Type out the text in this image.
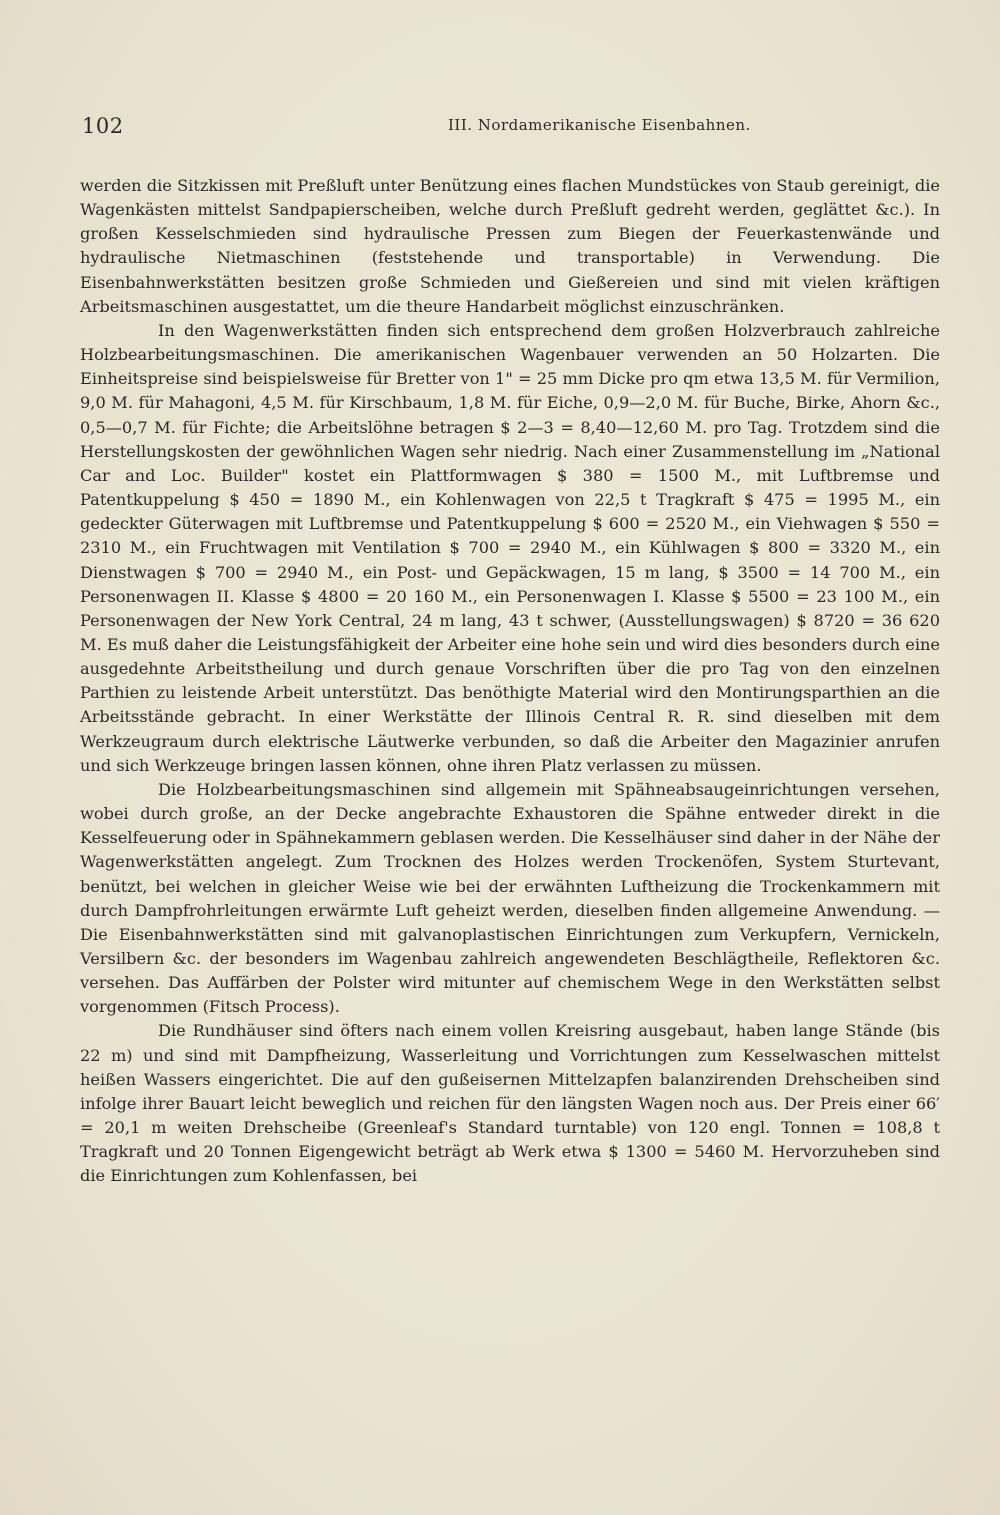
102	III. Nordamerikanische Eisenbahnen.

werden die Sitzkissen mit Preßluft unter Benützung eines flachen Mundstückes von Staub gereinigt, die Wagenkästen mittelst Sandpapierscheiben, welche durch Preßluft gedreht werden, geglättet &c.). In großen Kesselschmieden sind hydraulische Pressen zum Biegen der Feuerkastenwände und hydraulische Nietmaschinen (feststehende und transportable) in Verwendung. Die Eisenbahnwerkstätten besitzen große Schmieden und Gießereien und sind mit vielen kräftigen Arbeitsmaschinen ausgestattet, um die theure Handarbeit möglichst einzuschränken.

In den Wagenwerkstätten finden sich entsprechend dem großen Holzverbrauch zahlreiche Holzbearbeitungsmaschinen. Die amerikanischen Wagenbauer verwenden an 50 Holzarten. Die Einheitspreise sind beispielsweise für Bretter von 1" = 25 mm Dicke pro qm etwa 13,5 M. für Vermilion, 9,0 M. für Mahagoni, 4,5 M. für Kirschbaum, 1,8 M. für Eiche, 0,9—2,0 M. für Buche, Birke, Ahorn &c., 0,5—0,7 M. für Fichte; die Arbeitslöhne betragen $ 2—3 = 8,40—12,60 M. pro Tag. Trotzdem sind die Herstellungskosten der gewöhnlichen Wagen sehr niedrig. Nach einer Zusammenstellung im „National Car and Loc. Builder" kostet ein Plattformwagen $ 380 = 1500 M., mit Luftbremse und Patentkuppelung $ 450 = 1890 M., ein Kohlenwagen von 22,5 t Tragkraft $ 475 = 1995 M., ein gedeckter Güterwagen mit Luftbremse und Patentkuppelung $ 600 = 2520 M., ein Viehwagen $ 550 = 2310 M., ein Fruchtwagen mit Ventilation $ 700 = 2940 M., ein Kühlwagen $ 800 = 3320 M., ein Dienstwagen $ 700 = 2940 M., ein Post- und Gepäckwagen, 15 m lang, $ 3500 = 14 700 M., ein Personenwagen II. Klasse $ 4800 = 20 160 M., ein Personenwagen I. Klasse $ 5500 = 23 100 M., ein Personenwagen der New York Central, 24 m lang, 43 t schwer, (Ausstellungswagen) $ 8720 = 36 620 M. Es muß daher die Leistungsfähigkeit der Arbeiter eine hohe sein und wird dies besonders durch eine ausgedehnte Arbeitstheilung und durch genaue Vorschriften über die pro Tag von den einzelnen Parthien zu leistende Arbeit unterstützt. Das benöthigte Material wird den Montirungsparthien an die Arbeitsstände gebracht. In einer Werkstätte der Illinois Central R. R. sind dieselben mit dem Werkzeugraum durch elektrische Läutwerke verbunden, so daß die Arbeiter den Magazinier anrufen und sich Werkzeuge bringen lassen können, ohne ihren Platz verlassen zu müssen.

Die Holzbearbeitungsmaschinen sind allgemein mit Spähneabsaugeinrichtungen versehen, wobei durch große, an der Decke angebrachte Exhaustoren die Spähne entweder direkt in die Kesselfeuerung oder in Spähnekammern geblasen werden. Die Kesselhäuser sind daher in der Nähe der Wagenwerkstätten angelegt. Zum Trocknen des Holzes werden Trockenöfen, System Sturtevant, benützt, bei welchen in gleicher Weise wie bei der erwähnten Luftheizung die Trockenkammern mit durch Dampfrohrleitungen erwärmte Luft geheizt werden, dieselben finden allgemeine Anwendung. — Die Eisenbahnwerkstätten sind mit galvanoplastischen Einrichtungen zum Verkupfern, Vernickeln, Versilbern &c. der besonders im Wagenbau zahlreich angewendeten Beschlägtheile, Reflektoren &c. versehen. Das Auffärben der Polster wird mitunter auf chemischem Wege in den Werkstätten selbst vorgenommen (Fitsch Process).

Die Rundhäuser sind öfters nach einem vollen Kreisring ausgebaut, haben lange Stände (bis 22 m) und sind mit Dampfheizung, Wasserleitung und Vorrichtungen zum Kesselwaschen mittelst heißen Wassers eingerichtet. Die auf den gußeisernen Mittelzapfen balanzirenden Drehscheiben sind infolge ihrer Bauart leicht beweglich und reichen für den längsten Wagen noch aus. Der Preis einer 66′ = 20,1 m weiten Drehscheibe (Greenleaf's Standard turntable) von 120 engl. Tonnen = 108,8 t Tragkraft und 20 Tonnen Eigengewicht beträgt ab Werk etwa $ 1300 = 5460 M. Hervorzuheben sind die Einrichtungen zum Kohlenfassen, bei
